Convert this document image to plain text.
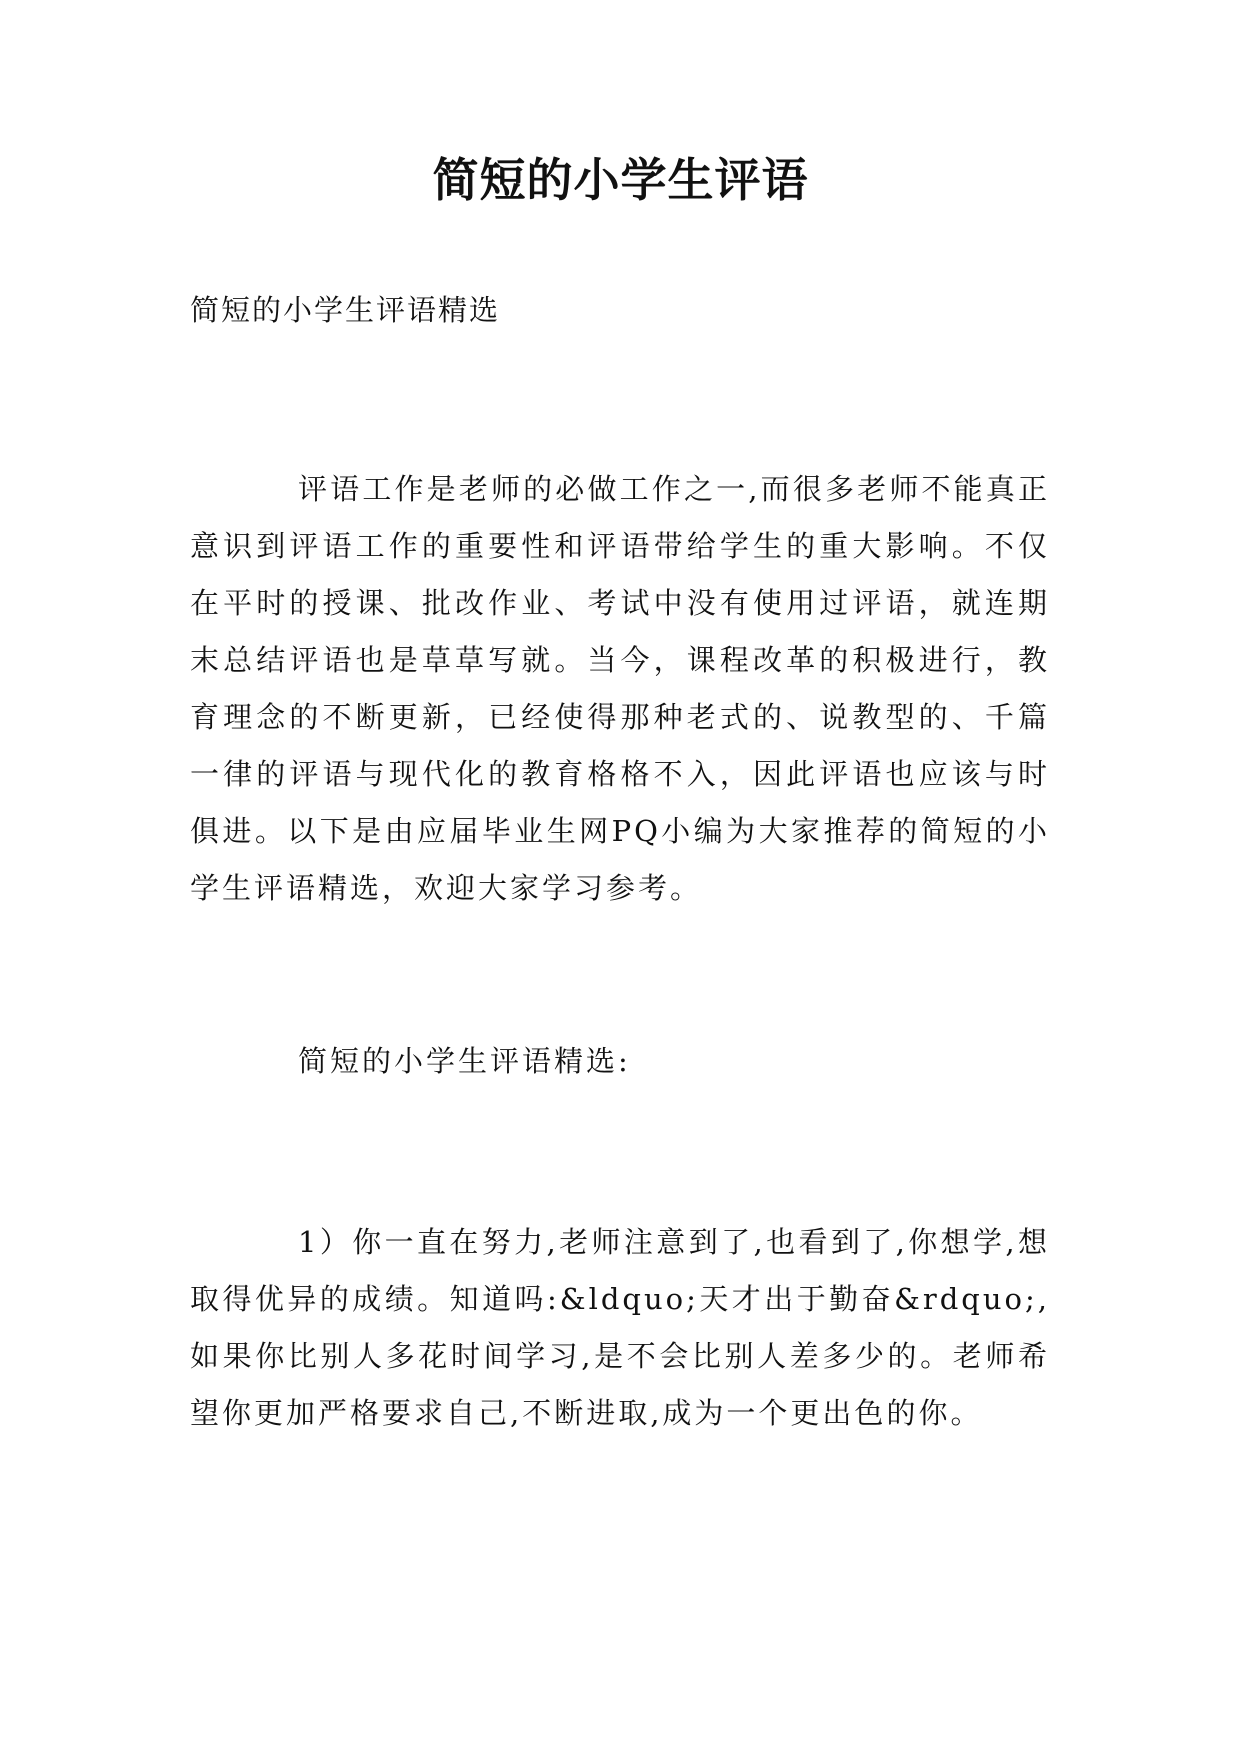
简短的小学生评语
简短的小学生评语精选

评语工作是老师的必做工作之一,而很多老师不能真正意识到评语工作的重要性和评语带给学生的重大影响。不仅在平时的授课、批改作业、考试中没有使用过评语，就连期末总结评语也是草草写就。当今，课程改革的积极进行，教育理念的不断更新，已经使得那种老式的、说教型的、千篇一律的评语与现代化的教育格格不入，因此评语也应该与时俱进。以下是由应届毕业生网PQ小编为大家推荐的简短的小学生评语精选，欢迎大家学习参考。

简短的小学生评语精选:

1）你一直在努力,老师注意到了,也看到了,你想学,想取得优异的成绩。知道吗:&ldquo;天才出于勤奋&rdquo;,如果你比别人多花时间学习,是不会比别人差多少的。老师希望你更加严格要求自己,不断进取,成为一个更出色的你。
